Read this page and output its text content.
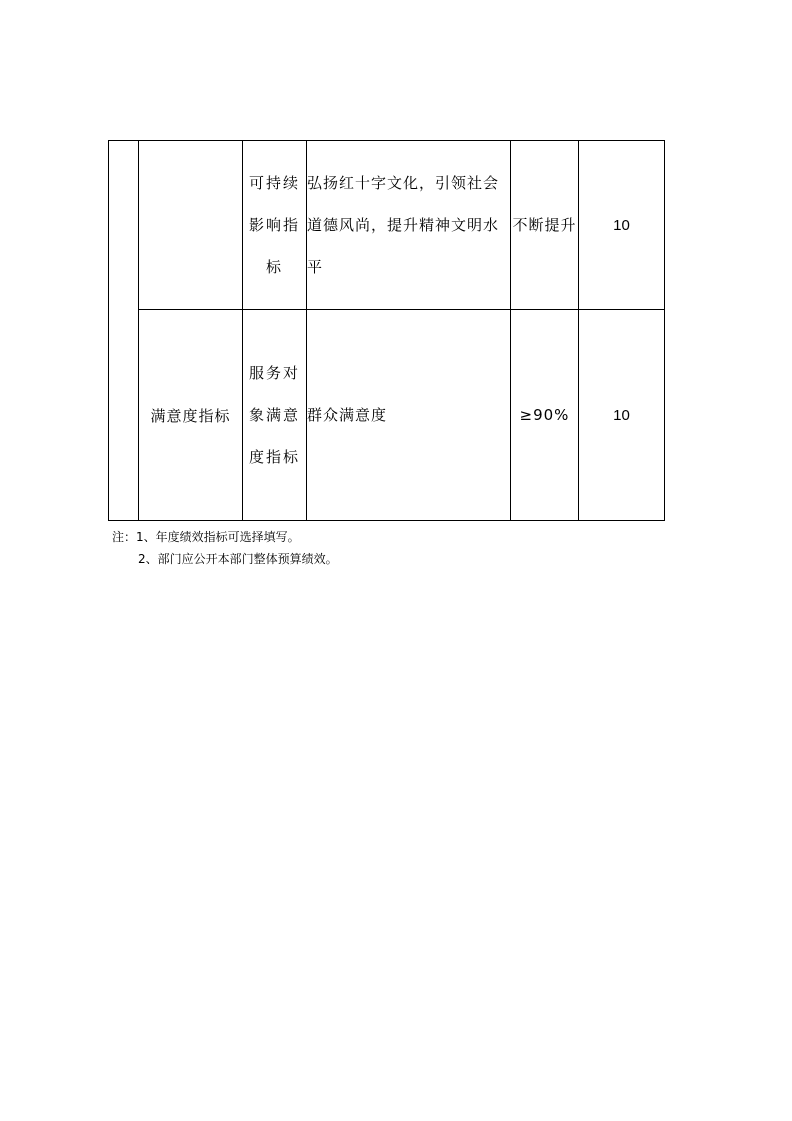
		可持续影响指标	弘扬红十字文化，引领社会道德风尚，提升精神文明水平	不断提升	10
	满意度指标	服务对象满意度指标	群众满意度	≥90%	10
注：1、年度绩效指标可选择填写。
2、部门应公开本部门整体预算绩效。
